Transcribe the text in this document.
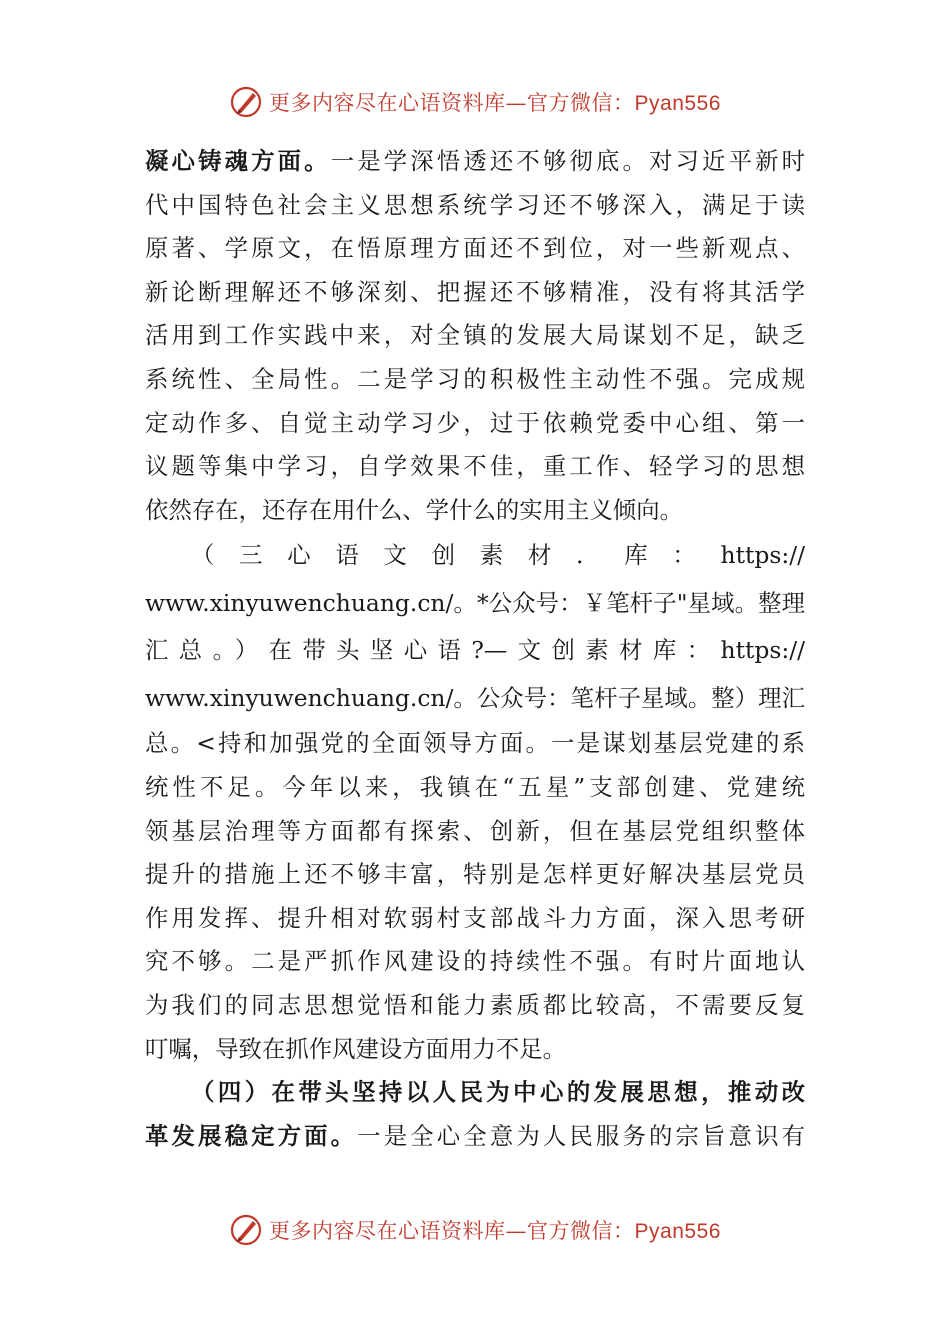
更多内容尽在心语资料库—官方微信：Pyan556
凝心铸魂方面。一是学深悟透还不够彻底。对习近平新时
代中国特色社会主义思想系统学习还不够深入，满足于读
原著、学原文，在悟原理方面还不到位，对一些新观点、
新论断理解还不够深刻、把握还不够精准，没有将其活学
活用到工作实践中来，对全镇的发展大局谋划不足，缺乏
系统性、全局性。二是学习的积极性主动性不强。完成规
定动作多、自觉主动学习少，过于依赖党委中心组、第一
议题等集中学习，自学效果不佳，重工作、轻学习的思想
依然存在，还存在用什么、学什么的实用主义倾向。
（三心语文创素材．库：https://
www.xinyuwenchuang.cn/。*公众号：￥笔杆子"星域。整理
汇总。）在带头坚心语?—文创素材库：https://
www.xinyuwenchuang.cn/。公众号：笔杆子星域。整）理汇
总。<持和加强党的全面领导方面。一是谋划基层党建的系
统性不足。今年以来，我镇在“五星”支部创建、党建统
领基层治理等方面都有探索、创新，但在基层党组织整体
提升的措施上还不够丰富，特别是怎样更好解决基层党员
作用发挥、提升相对软弱村支部战斗力方面，深入思考研
究不够。二是严抓作风建设的持续性不强。有时片面地认
为我们的同志思想觉悟和能力素质都比较高，不需要反复
叮嘱，导致在抓作风建设方面用力不足。
（四）在带头坚持以人民为中心的发展思想，推动改
革发展稳定方面。一是全心全意为人民服务的宗旨意识有
更多内容尽在心语资料库—官方微信：Pyan556
